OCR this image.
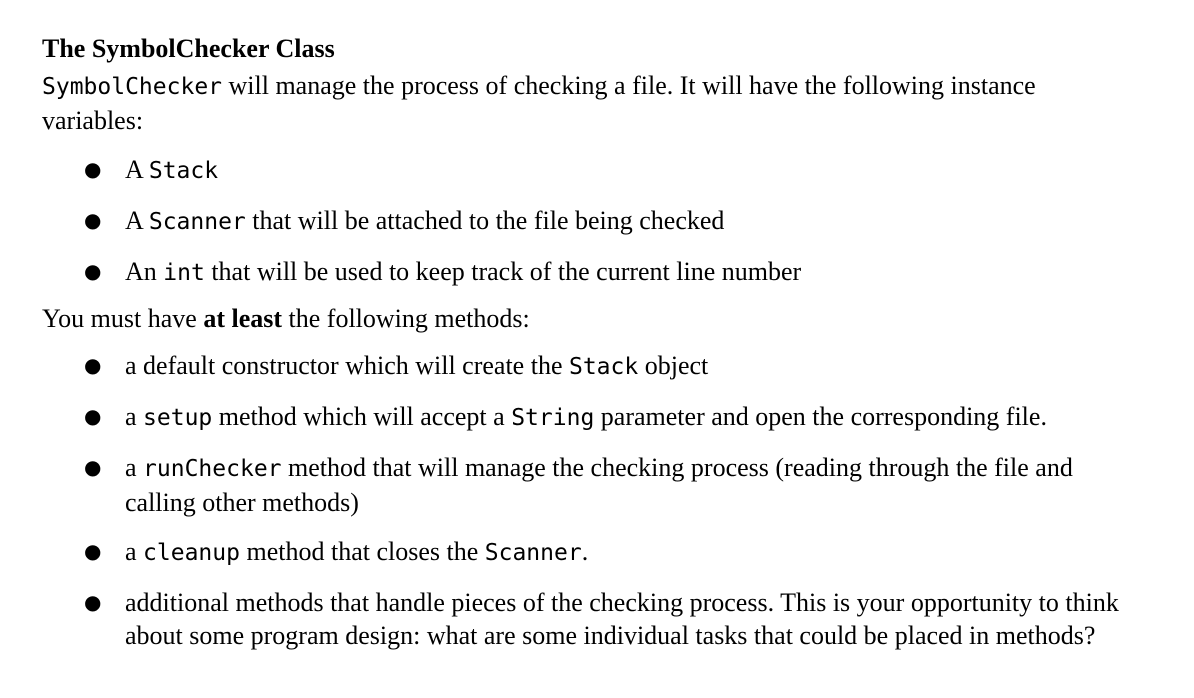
The SymbolChecker Class

SymbolChecker will manage the process of checking a file. It will have the following instance variables:

● A Stack
● A Scanner that will be attached to the file being checked
● An int that will be used to keep track of the current line number

You must have at least the following methods:

● a default constructor which will create the Stack object
● a setup method which will accept a String parameter and open the corresponding file.
● a runChecker method that will manage the checking process (reading through the file and calling other methods)
● a cleanup method that closes the Scanner.
● additional methods that handle pieces of the checking process. This is your opportunity to think about some program design: what are some individual tasks that could be placed in methods?
